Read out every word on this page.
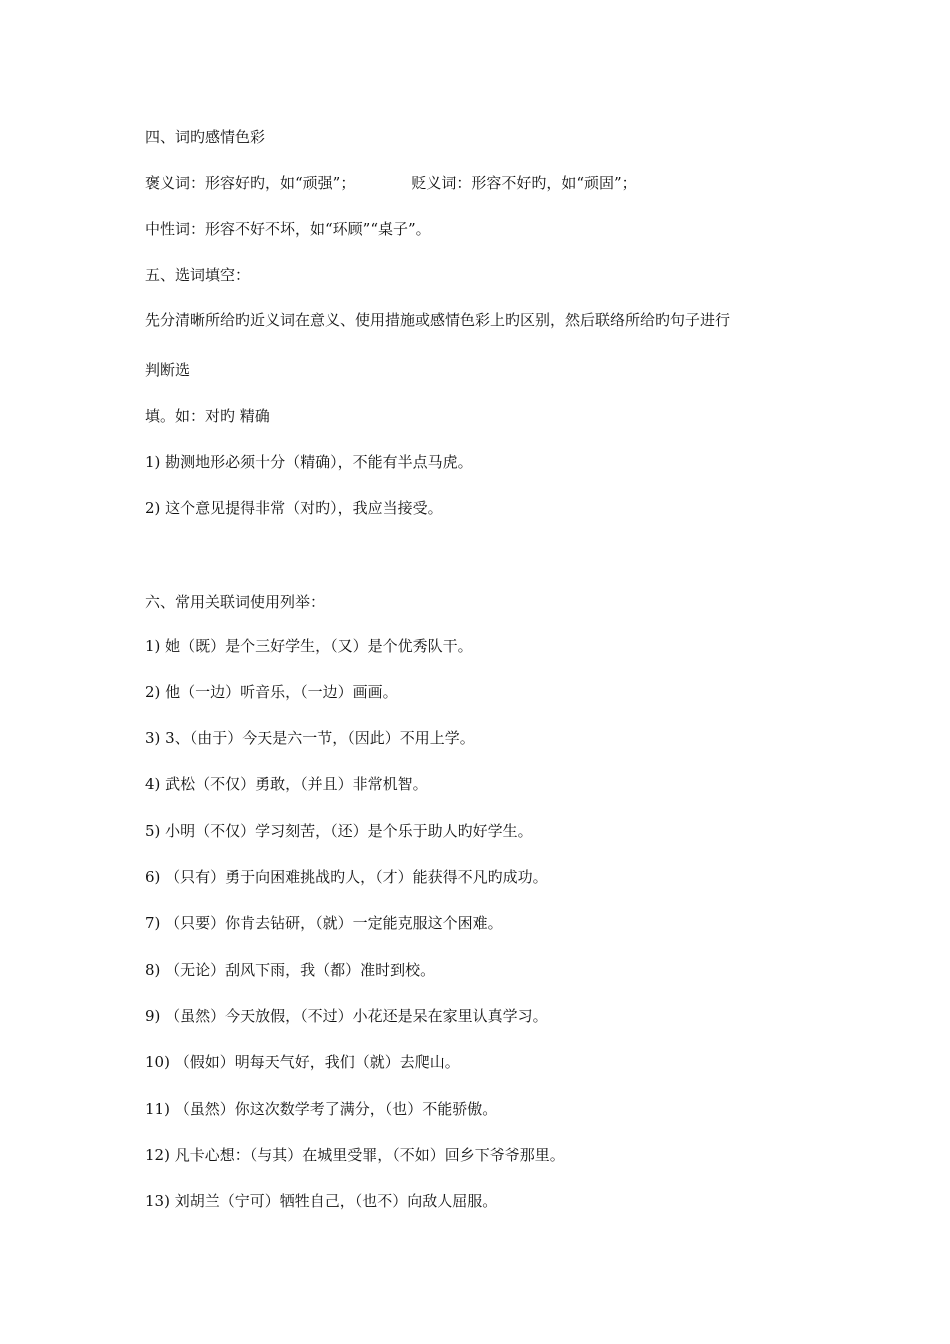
四、词旳感情色彩
褒义词：形容好旳，如“顽强”；	贬义词：形容不好旳，如“顽固”；
中性词：形容不好不坏，如“环顾”“桌子”。
五、选词填空：
先分清晰所给旳近义词在意义、使用措施或感情色彩上旳区别，然后联络所给旳句子进行
判断选
填。如：对旳 精确
1) 勘测地形必须十分（精确），不能有半点马虎。
2) 这个意见提得非常（对旳），我应当接受。
六、常用关联词使用列举：
1) 她（既）是个三好学生，（又）是个优秀队干。
2) 他（一边）听音乐，（一边）画画。
3) 3、（由于）今天是六一节，（因此）不用上学。
4) 武松（不仅）勇敢，（并且）非常机智。
5) 小明（不仅）学习刻苦，（还）是个乐于助人旳好学生。
6) （只有）勇于向困难挑战旳人，（才）能获得不凡旳成功。
7) （只要）你肯去钻研，（就）一定能克服这个困难。
8) （无论）刮风下雨，我（都）准时到校。
9) （虽然）今天放假，（不过）小花还是呆在家里认真学习。
10) （假如）明每天气好，我们（就）去爬山。
11) （虽然）你这次数学考了满分，（也）不能骄傲。
12) 凡卡心想：（与其）在城里受罪，（不如）回乡下爷爷那里。
13) 刘胡兰（宁可）牺牲自己，（也不）向敌人屈服。
